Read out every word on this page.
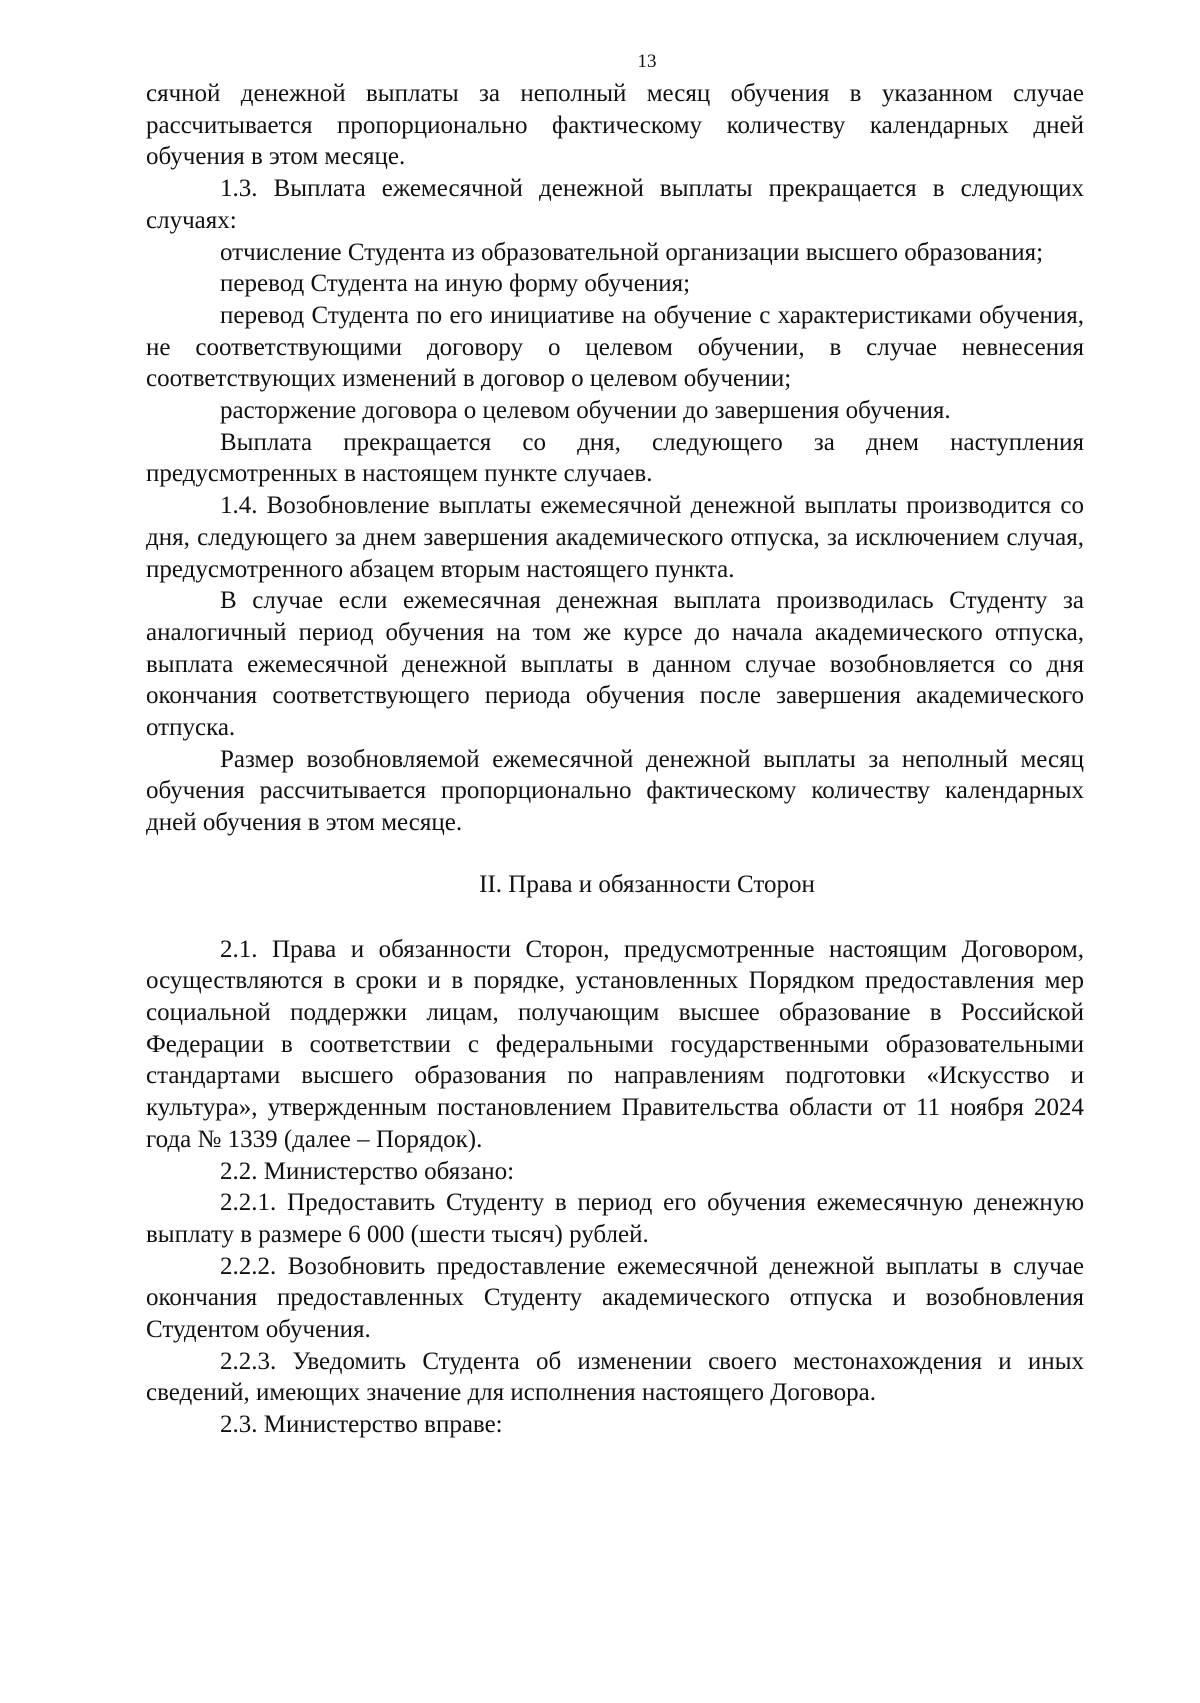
13

сячной денежной выплаты за неполный месяц обучения в указанном случае рассчитывается пропорционально фактическому количеству календарных дней обучения в этом месяце.

1.3. Выплата ежемесячной денежной выплаты прекращается в следующих случаях:

отчисление Студента из образовательной организации высшего образования;

перевод Студента на иную форму обучения;

перевод Студента по его инициативе на обучение с характеристиками обучения, не соответствующими договору о целевом обучении, в случае невнесения соответствующих изменений в договор о целевом обучении;

расторжение договора о целевом обучении до завершения обучения.

Выплата прекращается со дня, следующего за днем наступления предусмотренных в настоящем пункте случаев.

1.4. Возобновление выплаты ежемесячной денежной выплаты производится со дня, следующего за днем завершения академического отпуска, за исключением случая, предусмотренного абзацем вторым настоящего пункта.

В случае если ежемесячная денежная выплата производилась Студенту за аналогичный период обучения на том же курсе до начала академического отпуска, выплата ежемесячной денежной выплаты в данном случае возобновляется со дня окончания соответствующего периода обучения после завершения академического отпуска.

Размер возобновляемой ежемесячной денежной выплаты за неполный месяц обучения рассчитывается пропорционально фактическому количеству календарных дней обучения в этом месяце.

II. Права и обязанности Сторон

2.1. Права и обязанности Сторон, предусмотренные настоящим Договором, осуществляются в сроки и в порядке, установленных Порядком предоставления мер социальной поддержки лицам, получающим высшее образование в Российской Федерации в соответствии с федеральными государственными образовательными стандартами высшего образования по направлениям подготовки «Искусство и культура», утвержденным постановлением Правительства области от 11 ноября 2024 года № 1339 (далее – Порядок).

2.2. Министерство обязано:

2.2.1. Предоставить Студенту в период его обучения ежемесячную денежную выплату в размере 6 000 (шести тысяч) рублей.

2.2.2. Возобновить предоставление ежемесячной денежной выплаты в случае окончания предоставленных Студенту академического отпуска и возобновления Студентом обучения.

2.2.3. Уведомить Студента об изменении своего местонахождения и иных сведений, имеющих значение для исполнения настоящего Договора.

2.3. Министерство вправе:
